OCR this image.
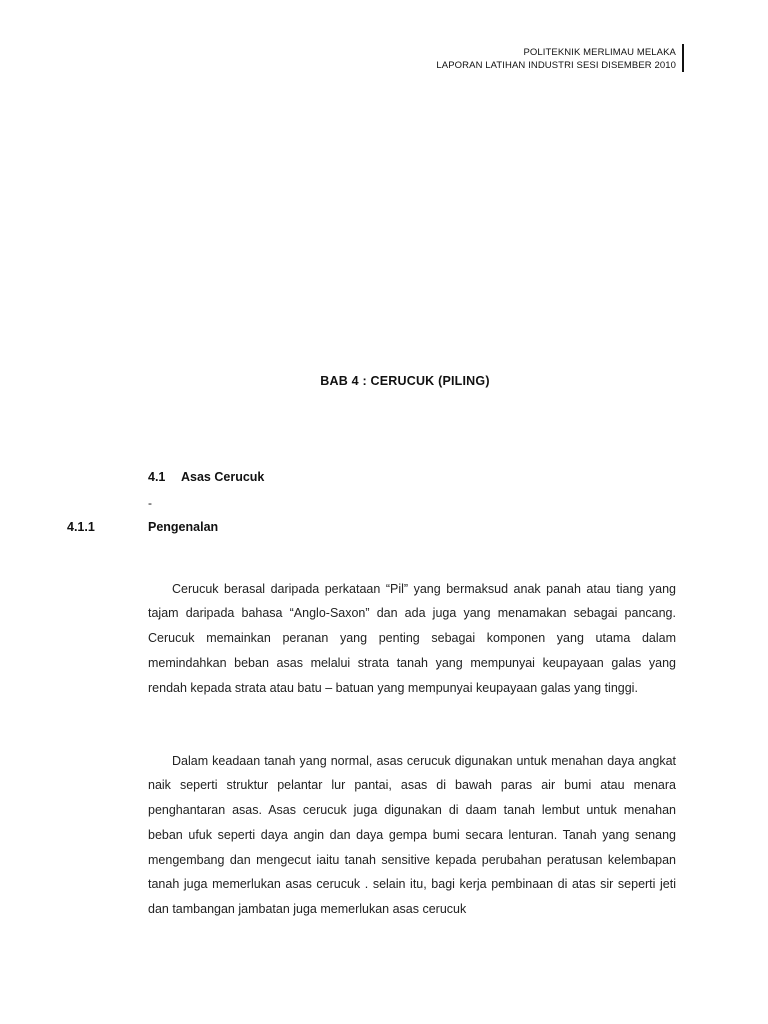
POLITEKNIK MERLIMAU MELAKA
LAPORAN LATIHAN INDUSTRI SESI DISEMBER 2010
BAB 4 : CERUCUK (PILING)
4.1 Asas Cerucuk
-
4.1.1	Pengenalan

Cerucuk berasal daripada perkataan “Pil” yang bermaksud anak panah atau tiang yang tajam daripada bahasa “Anglo-Saxon” dan ada juga yang menamakan sebagai pancang. Cerucuk memainkan peranan yang penting sebagai komponen yang utama dalam memindahkan beban asas melalui strata tanah yang mempunyai keupayaan galas yang rendah kepada strata atau batu – batuan yang mempunyai keupayaan galas yang tinggi.

Dalam keadaan tanah yang normal, asas cerucuk digunakan untuk menahan daya angkat naik seperti struktur pelantar lur pantai, asas di bawah paras air bumi atau menara penghantaran asas. Asas cerucuk juga digunakan di daam tanah lembut untuk menahan beban ufuk seperti daya angin dan daya gempa bumi secara lenturan. Tanah yang senang mengembang dan mengecut iaitu tanah sensitive kepada perubahan peratusan kelembapan tanah juga memerlukan asas cerucuk . selain itu, bagi kerja pembinaan di atas sir seperti jeti dan tambangan jambatan juga memerlukan asas cerucuk
